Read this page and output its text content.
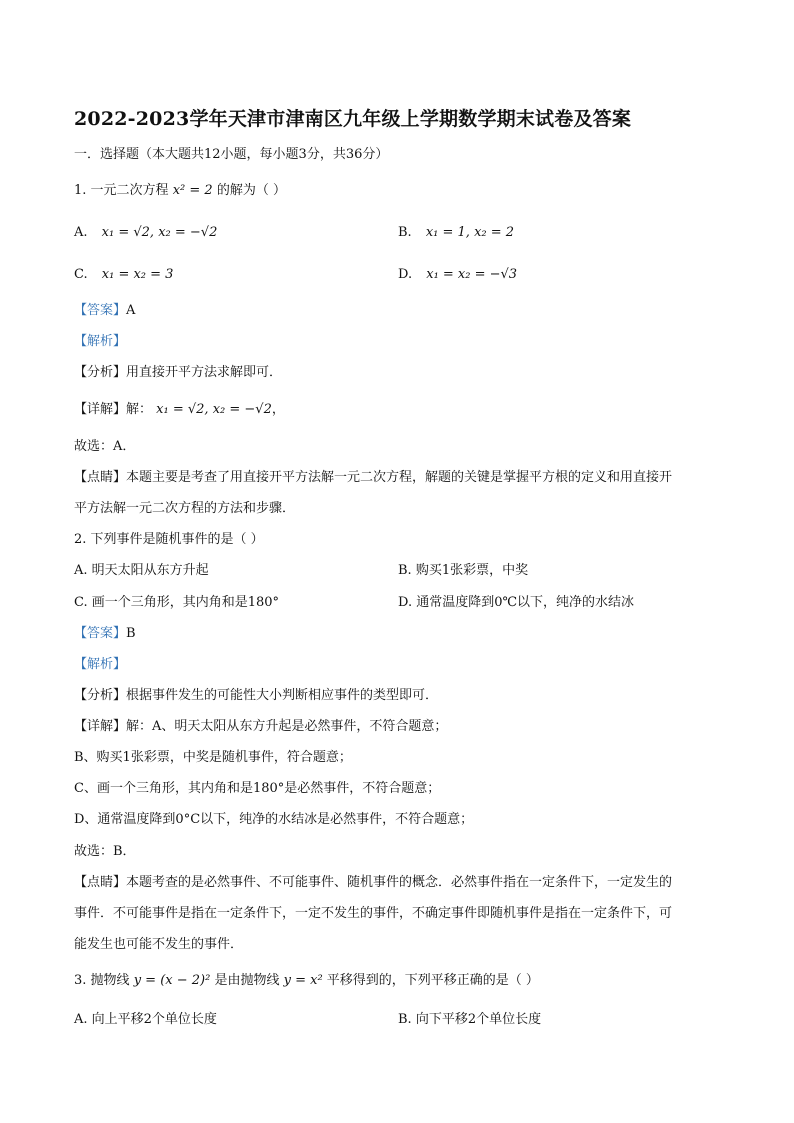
2022-2023学年天津市津南区九年级上学期数学期末试卷及答案
一．选择题（本大题共12小题，每小题3分，共36分）
1. 一元二次方程 x² = 2 的解为（ ）
A. x₁ = √2, x₂ = −√2	B. x₁ = 1, x₂ = 2
C. x₁ = x₂ = 3	D. x₁ = x₂ = −√3
【答案】A
【解析】
【分析】用直接开平方法求解即可．
【详解】解： x₁ = √2, x₂ = −√2，
故选：A．
【点睛】本题主要是考查了用直接开平方法解一元二次方程，解题的关键是掌握平方根的定义和用直接开
平方法解一元二次方程的方法和步骤．
2. 下列事件是随机事件的是（ ）
A. 明天太阳从东方升起	B. 购买1张彩票，中奖
C. 画一个三角形，其内角和是180°	D. 通常温度降到0℃以下，纯净的水结冰
【答案】B
【解析】
【分析】根据事件发生的可能性大小判断相应事件的类型即可．
【详解】解：A、明天太阳从东方升起是必然事件，不符合题意；
B、购买1张彩票，中奖是随机事件，符合题意；
C、画一个三角形，其内角和是180°是必然事件，不符合题意；
D、通常温度降到0°C以下，纯净的水结冰是必然事件，不符合题意；
故选：B．
【点睛】本题考查的是必然事件、不可能事件、随机事件的概念．必然事件指在一定条件下，一定发生的
事件．不可能事件是指在一定条件下，一定不发生的事件，不确定事件即随机事件是指在一定条件下，可
能发生也可能不发生的事件．
3. 抛物线 y = (x − 2)² 是由抛物线 y = x² 平移得到的，下列平移正确的是（ ）
A. 向上平移2个单位长度	B. 向下平移2个单位长度
